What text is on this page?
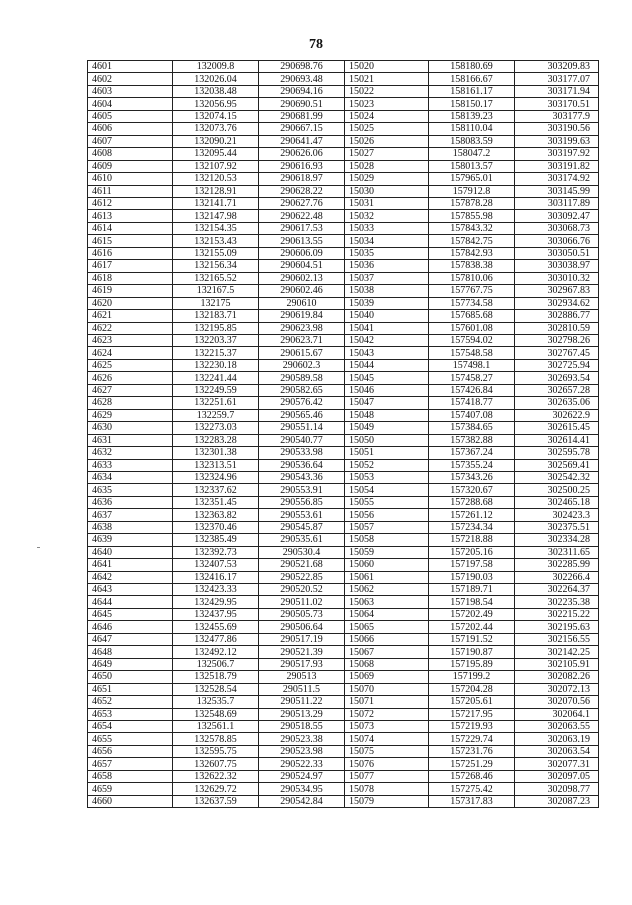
78
4601	132009.8	290698.76	15020	158180.69	303209.83
4602	132026.04	290693.48	15021	158166.67	303177.07
4603	132038.48	290694.16	15022	158161.17	303171.94
4604	132056.95	290690.51	15023	158150.17	303170.51
4605	132074.15	290681.99	15024	158139.23	303177.9
4606	132073.76	290667.15	15025	158110.04	303190.56
4607	132090.21	290641.47	15026	158083.59	303199.63
4608	132095.44	290626.06	15027	158047.2	303197.92
4609	132107.92	290616.93	15028	158013.57	303191.82
4610	132120.53	290618.97	15029	157965.01	303174.92
4611	132128.91	290628.22	15030	157912.8	303145.99
4612	132141.71	290627.76	15031	157878.28	303117.89
4613	132147.98	290622.48	15032	157855.98	303092.47
4614	132154.35	290617.53	15033	157843.32	303068.73
4615	132153.43	290613.55	15034	157842.75	303066.76
4616	132155.09	290606.09	15035	157842.93	303050.51
4617	132156.34	290604.51	15036	157838.38	303038.97
4618	132165.52	290602.13	15037	157810.06	303010.32
4619	132167.5	290602.46	15038	157767.75	302967.83
4620	132175	290610	15039	157734.58	302934.62
4621	132183.71	290619.84	15040	157685.68	302886.77
4622	132195.85	290623.98	15041	157601.08	302810.59
4623	132203.37	290623.71	15042	157594.02	302798.26
4624	132215.37	290615.67	15043	157548.58	302767.45
4625	132230.18	290602.3	15044	157498.1	302725.94
4626	132241.44	290589.58	15045	157458.27	302693.54
4627	132249.59	290582.65	15046	157426.84	302657.28
4628	132251.61	290576.42	15047	157418.77	302635.06
4629	132259.7	290565.46	15048	157407.08	302622.9
4630	132273.03	290551.14	15049	157384.65	302615.45
4631	132283.28	290540.77	15050	157382.88	302614.41
4632	132301.38	290533.98	15051	157367.24	302595.78
4633	132313.51	290536.64	15052	157355.24	302569.41
4634	132324.96	290543.36	15053	157343.26	302542.32
4635	132337.62	290553.91	15054	157320.67	302500.25
4636	132351.45	290556.85	15055	157288.68	302465.18
4637	132363.82	290553.61	15056	157261.12	302423.3
4638	132370.46	290545.87	15057	157234.34	302375.51
4639	132385.49	290535.61	15058	157218.88	302334.28
4640	132392.73	290530.4	15059	157205.16	302311.65
4641	132407.53	290521.68	15060	157197.58	302285.99
4642	132416.17	290522.85	15061	157190.03	302266.4
4643	132423.33	290520.52	15062	157189.71	302264.37
4644	132429.95	290511.02	15063	157198.54	302235.38
4645	132437.95	290505.73	15064	157202.49	302215.22
4646	132455.69	290506.64	15065	157202.44	302195.63
4647	132477.86	290517.19	15066	157191.52	302156.55
4648	132492.12	290521.39	15067	157190.87	302142.25
4649	132506.7	290517.93	15068	157195.89	302105.91
4650	132518.79	290513	15069	157199.2	302082.26
4651	132528.54	290511.5	15070	157204.28	302072.13
4652	132535.7	290511.22	15071	157205.61	302070.56
4653	132548.69	290513.29	15072	157217.95	302064.1
4654	132561.1	290518.55	15073	157219.93	302063.55
4655	132578.85	290523.38	15074	157229.74	302063.19
4656	132595.75	290523.98	15075	157231.76	302063.54
4657	132607.75	290522.33	15076	157251.29	302077.31
4658	132622.32	290524.97	15077	157268.46	302097.05
4659	132629.72	290534.95	15078	157275.42	302098.77
4660	132637.59	290542.84	15079	157317.83	302087.23
